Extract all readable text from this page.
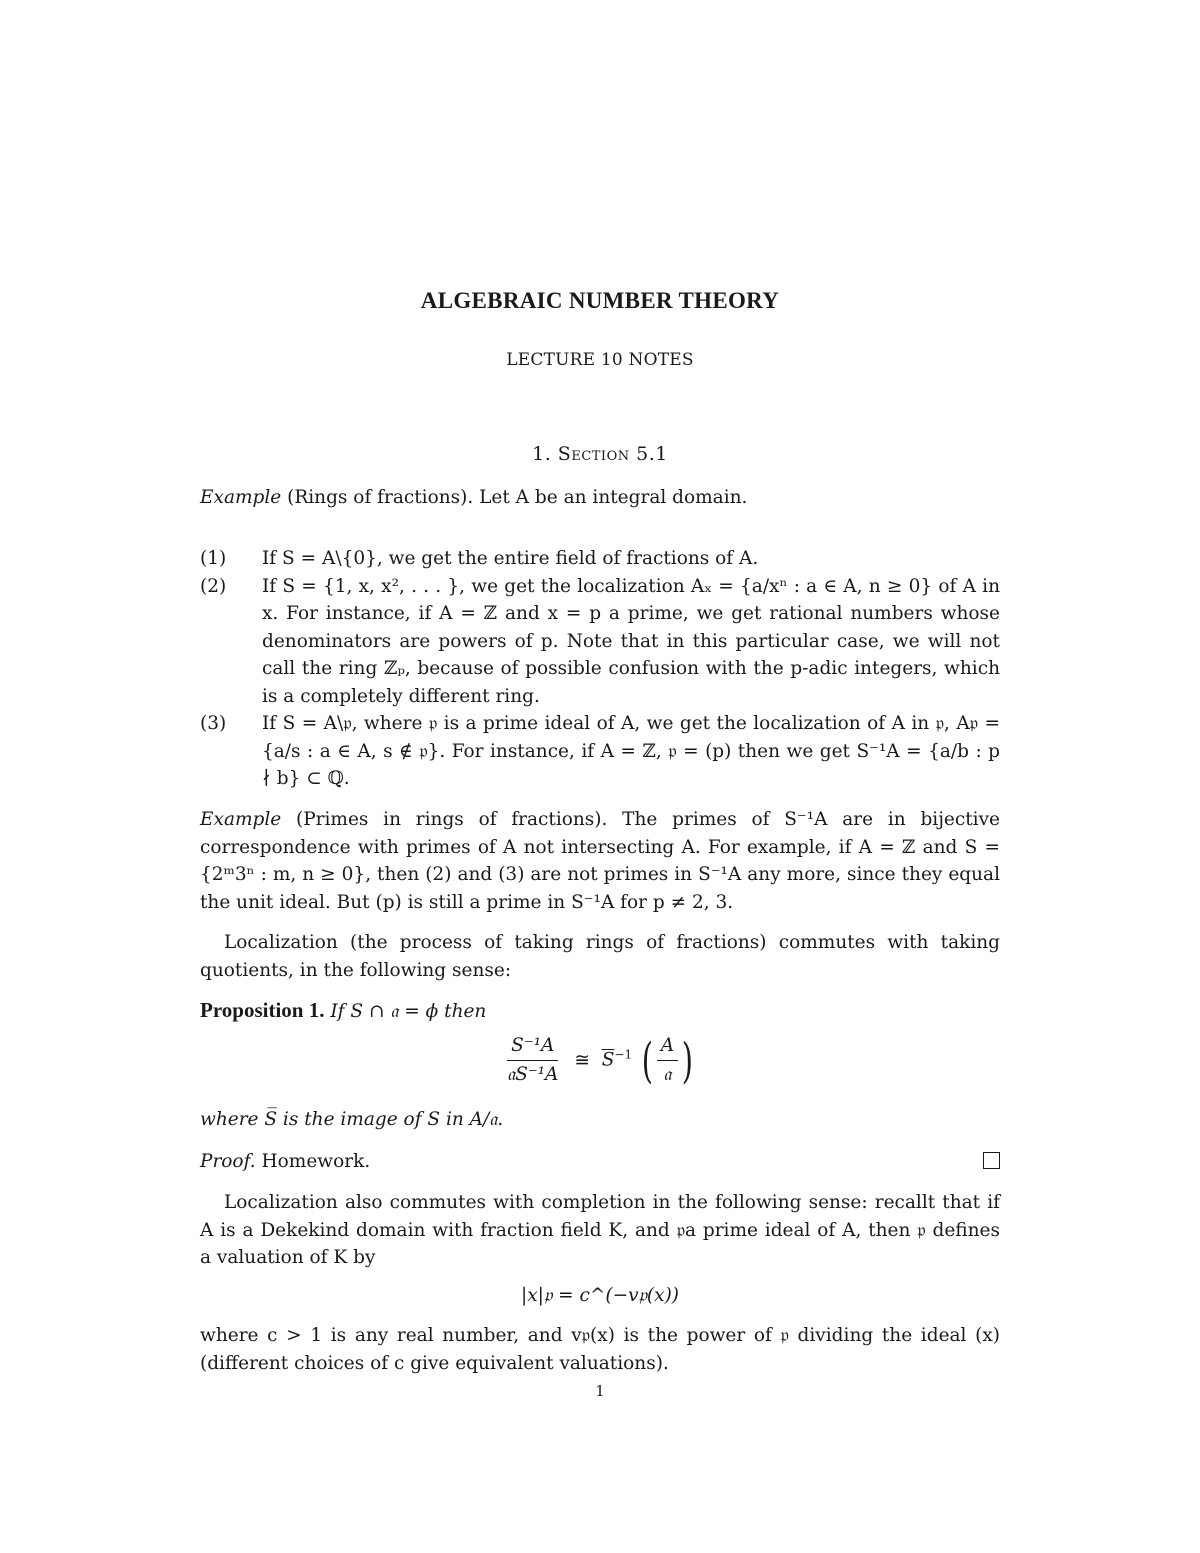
ALGEBRAIC NUMBER THEORY
LECTURE 10 NOTES
1. Section 5.1
Example (Rings of fractions). Let A be an integral domain.
(1) If S = A\{0}, we get the entire field of fractions of A.
(2) If S = {1, x, x², . . . }, we get the localization Aₓ = {a/xⁿ : a ∈ A, n ≥ 0} of A in x. For instance, if A = ℤ and x = p a prime, we get rational numbers whose denominators are powers of p. Note that in this particular case, we will not call the ring ℤₚ, because of possible confusion with the p-adic integers, which is a completely different ring.
(3) If S = A\𝔭, where 𝔭 is a prime ideal of A, we get the localization of A in 𝔭, A𝔭 = {a/s : a ∈ A, s ∉ 𝔭}. For instance, if A = ℤ, 𝔭 = (p) then we get S⁻¹A = {a/b : p ∤ b} ⊂ ℚ.
Example (Primes in rings of fractions). The primes of S⁻¹A are in bijective correspondence with primes of A not intersecting A. For example, if A = ℤ and S = {2ᵐ3ⁿ : m, n ≥ 0}, then (2) and (3) are not primes in S⁻¹A any more, since they equal the unit ideal. But (p) is still a prime in S⁻¹A for p ≠ 2, 3.
Localization (the process of taking rings of fractions) commutes with taking quotients, in the following sense:
Proposition 1. If S ∩ 𝔞 = ϕ then
$\frac{\text{S⁻¹A}}{\text{𝔞S⁻¹A}}$ ≅ $\overline{S}^{-1}$ ( $\frac{A}{\text{𝔞}}$ )
where S̅ is the image of S in A/𝔞.
Proof. Homework.
Localization also commutes with completion in the following sense: recallt that if A is a Dekekind domain with fraction field K, and 𝔭a prime ideal of A, then 𝔭 defines a valuation of K by
|x|𝔭 = c^(−v𝔭(x))
where c > 1 is any real number, and v𝔭(x) is the power of 𝔭 dividing the ideal (x) (different choices of c give equivalent valuations).
1
